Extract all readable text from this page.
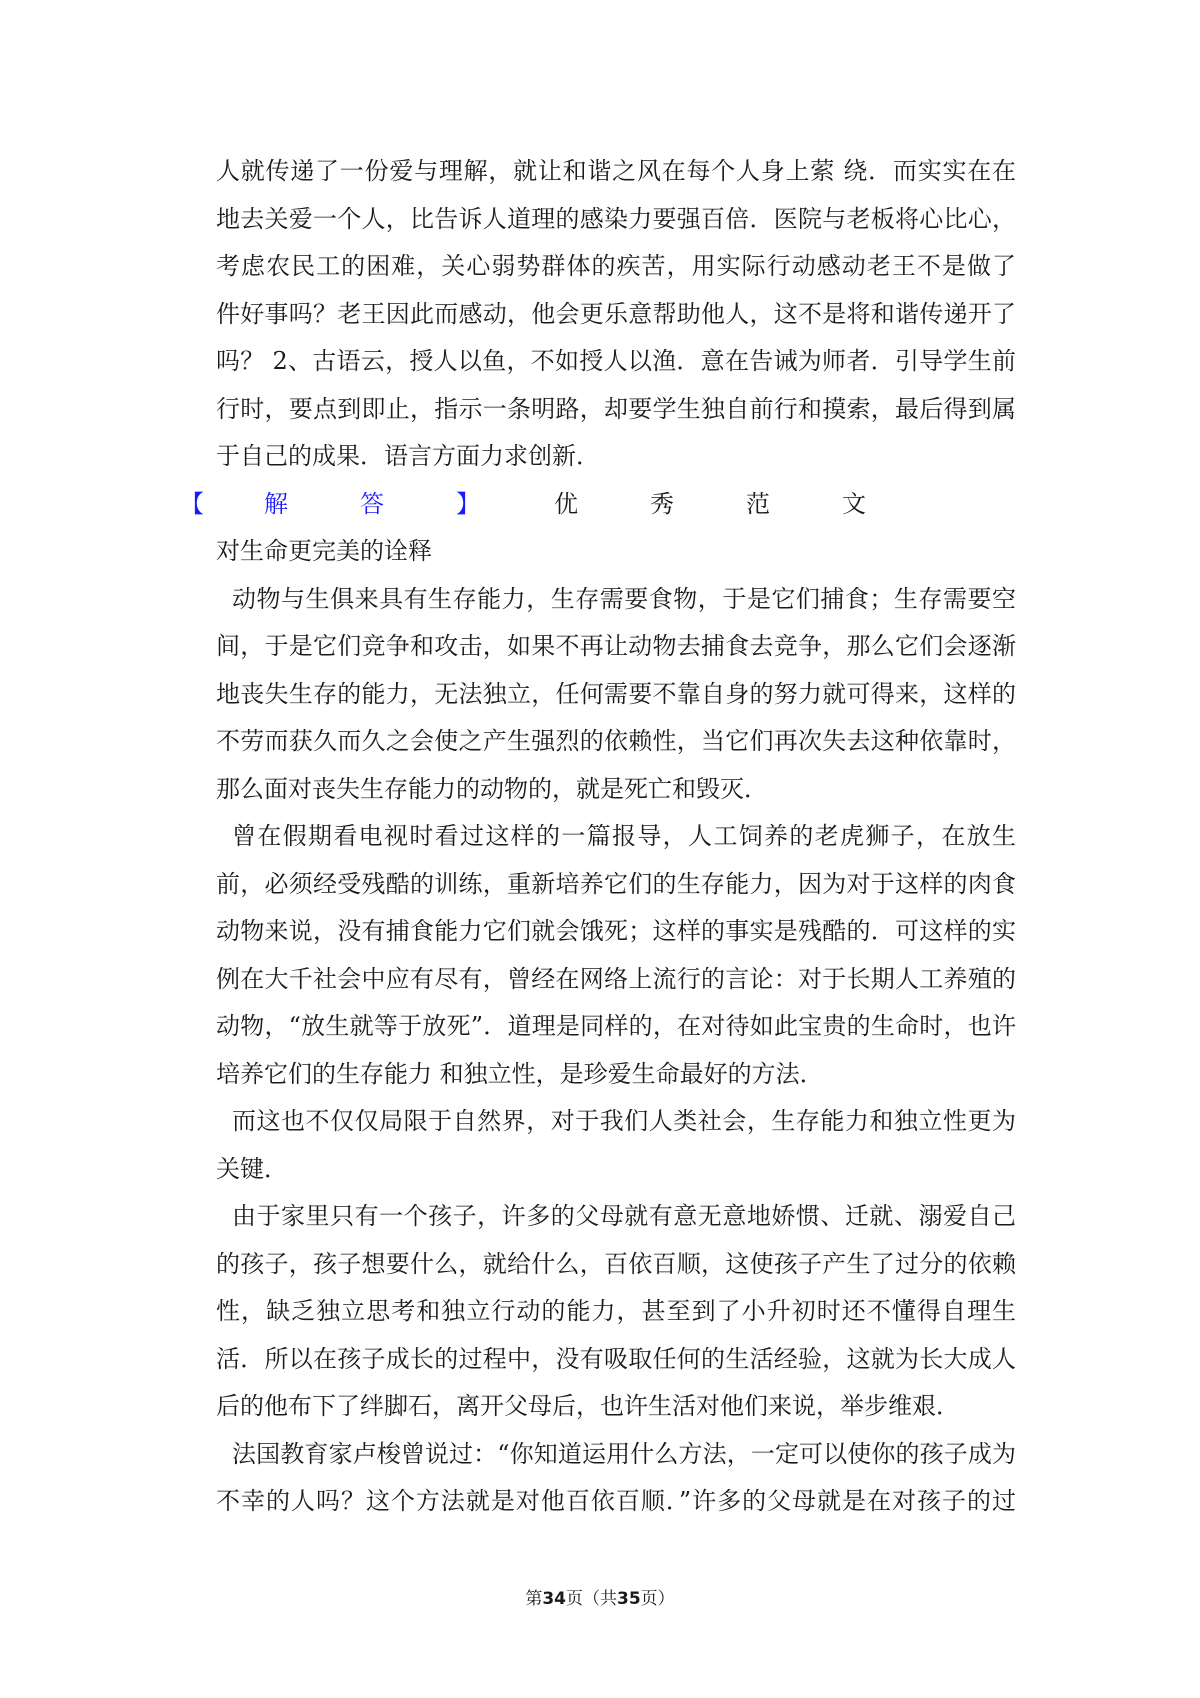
人就传递了一份爱与理解，就让和谐之风在每个人身上萦 绕．而实实在在
地去关爱一个人，比告诉人道理的感染力要强百倍．医院与老板将心比心，
考虑农民工的困难，关心弱势群体的疾苦，用实际行动感动老王不是做了
件好事吗？老王因此而感动，他会更乐意帮助他人，这不是将和谐传递开了
吗？ 2、古语云，授人以鱼，不如授人以渔．意在告诫为师者．引导学生前
行时，要点到即止，指示一条明路，却要学生独自前行和摸索，最后得到属
于自己的成果．语言方面力求创新．
【	解	答	】	优	秀	范	文
对生命更完美的诠释
动物与生俱来具有生存能力，生存需要食物，于是它们捕食；生存需要空
间，于是它们竞争和攻击，如果不再让动物去捕食去竞争，那么它们会逐渐
地丧失生存的能力，无法独立，任何需要不靠自身的努力就可得来，这样的
不劳而获久而久之会使之产生强烈的依赖性，当它们再次失去这种依靠时，
那么面对丧失生存能力的动物的，就是死亡和毁灭．
曾在假期看电视时看过这样的一篇报导，人工饲养的老虎狮子，在放生
前，必须经受残酷的训练，重新培养它们的生存能力，因为对于这样的肉食
动物来说，没有捕食能力它们就会饿死；这样的事实是残酷的．可这样的实
例在大千社会中应有尽有，曾经在网络上流行的言论：对于长期人工养殖的
动物，“放生就等于放死”．道理是同样的，在对待如此宝贵的生命时，也许
培养它们的生存能力 和独立性，是珍爱生命最好的方法．
而这也不仅仅局限于自然界，对于我们人类社会，生存能力和独立性更为
关键．
由于家里只有一个孩子，许多的父母就有意无意地娇惯、迁就、溺爱自己
的孩子，孩子想要什么，就给什么，百依百顺，这使孩子产生了过分的依赖
性，缺乏独立思考和独立行动的能力，甚至到了小升初时还不懂得自理生
活．所以在孩子成长的过程中，没有吸取任何的生活经验，这就为长大成人
后的他布下了绊脚石，离开父母后，也许生活对他们来说，举步维艰．
法国教育家卢梭曾说过：“你知道运用什么方法，一定可以使你的孩子成为
不幸的人吗？这个方法就是对他百依百顺．”许多的父母就是在对孩子的过
第34页（共35页）
